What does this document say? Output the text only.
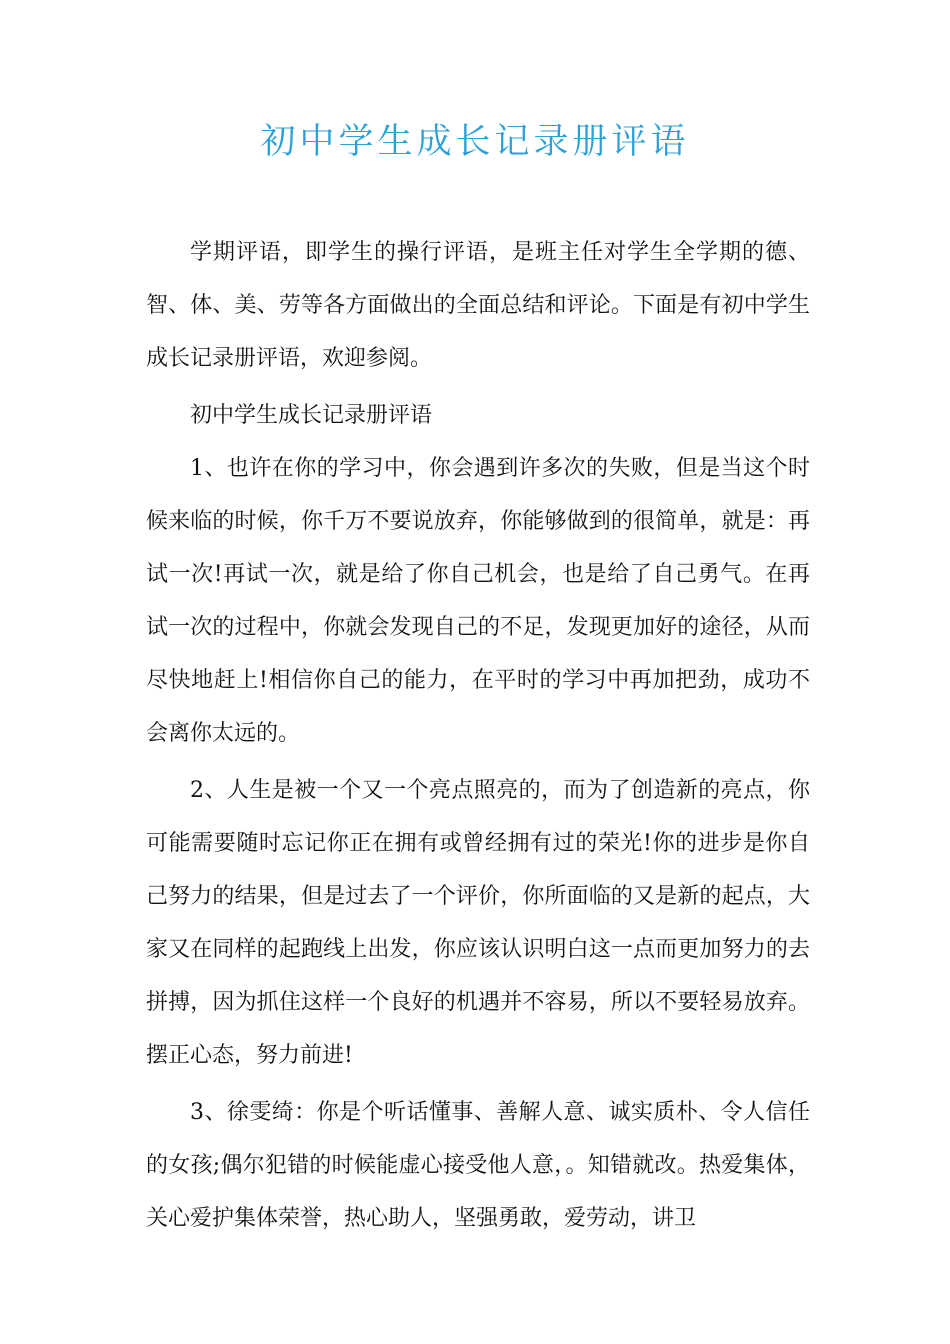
初中学生成长记录册评语

学期评语，即学生的操行评语，是班主任对学生全学期的德、智、体、美、劳等各方面做出的全面总结和评论。下面是有初中学生成长记录册评语，欢迎参阅。

初中学生成长记录册评语

1、也许在你的学习中，你会遇到许多次的失败，但是当这个时候来临的时候，你千万不要说放弃，你能够做到的很简单，就是：再试一次!再试一次，就是给了你自己机会，也是给了自己勇气。在再试一次的过程中，你就会发现自己的不足，发现更加好的途径，从而尽快地赶上!相信你自己的能力，在平时的学习中再加把劲，成功不会离你太远的。

2、人生是被一个又一个亮点照亮的，而为了创造新的亮点，你可能需要随时忘记你正在拥有或曾经拥有过的荣光!你的进步是你自己努力的结果，但是过去了一个评价，你所面临的又是新的起点，大家又在同样的起跑线上出发，你应该认识明白这一点而更加努力的去拼搏，因为抓住这样一个良好的机遇并不容易，所以不要轻易放弃。摆正心态，努力前进!

3、徐雯绮：你是个听话懂事、善解人意、诚实质朴、令人信任的女孩;偶尔犯错的时候能虚心接受他人意，。知错就改。热爱集体，关心爱护集体荣誉，热心助人，坚强勇敢，爱劳动，讲卫
